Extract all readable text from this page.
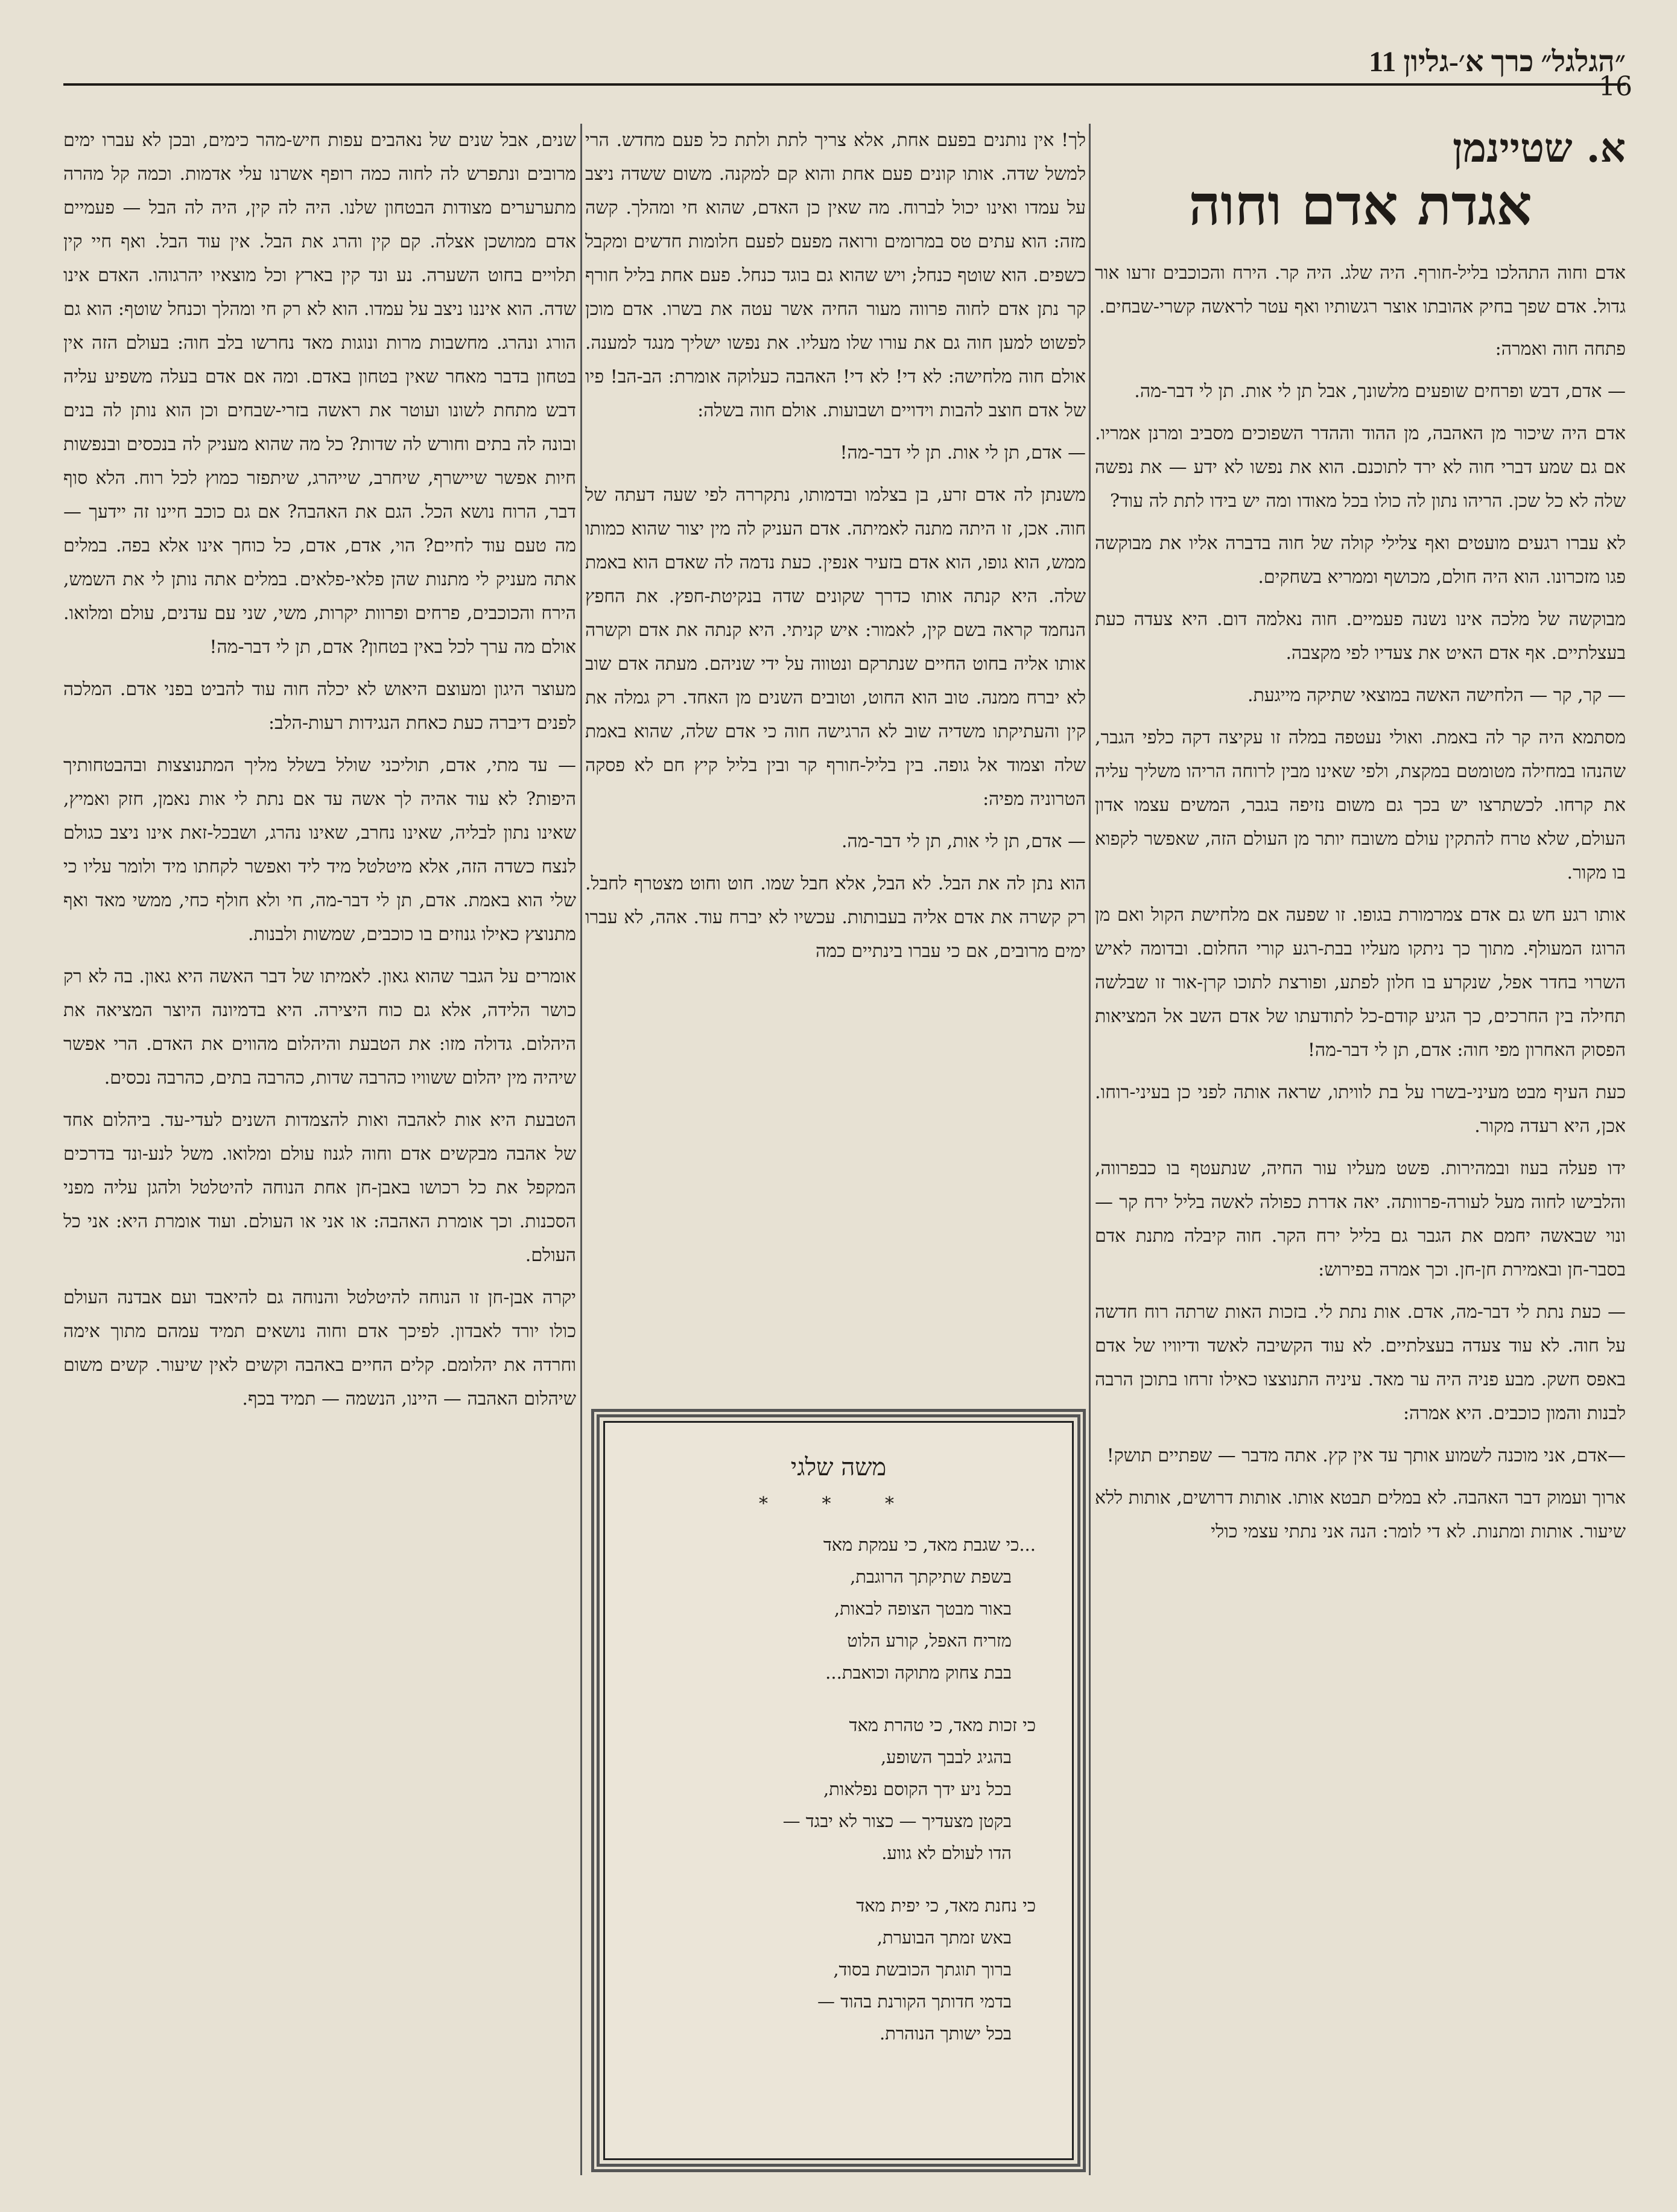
״הגלגל״ כרך א׳-גליון 11
16
א. שטיינמן
אגדת אדם וחוה

אדם וחוה התהלכו בליל-חורף. היה שלג. היה קר. הירח והכוכבים זרעו אור גדול. אדם שפך בחיק אהובתו אוצר רגשותיו ואף עטר לראשה קשרי-שבחים.

פתחה חוה ואמרה:

— אדם, דבש ופרחים שופעים מלשונך, אבל תן לי אות. תן לי דבר-מה.

אדם היה שיכור מן האהבה, מן ההוד וההדר השפוכים מסביב ומרנן אמריו. אם גם שמע דברי חוה לא ירד לתוכנם. הוא את נפשו לא ידע — את נפשה שלה לא כל שכן. הריהו נתון לה כולו בכל מאודו ומה יש בידו לתת לה עוד?

לא עברו רגעים מועטים ואף צלילי קולה של חוה בדברה אליו את מבוקשה פגו מזכרונו. הוא היה חולם, מכושף וממריא בשחקים.

מבוקשה של מלכה אינו נשנה פעמיים. חוה נאלמה דום. היא צעדה כעת בעצלתיים. אף אדם האיט את צעדיו לפי מקצבה.

— קר, קר — הלחישה האשה במוצאי שתיקה מייגעת.

מסתמא היה קר לה באמת. ואולי נעטפה במלה זו עקיצה דקה כלפי הגבר, שהנהו במחילה מטומטם במקצת, ולפי שאינו מבין לרוחה הריהו משליך עליה את קרחו. לכשתרצו יש בכך גם משום נזיפה בגבר, המשים עצמו אדון העולם, שלא טרח להתקין עולם משובח יותר מן העולם הזה, שאפשר לקפוא בו מקור.

אותו רגע חש גם אדם צמרמורת בגופו. זו שפעה אם מלחישת הקול ואם מן הרוגז המעולף. מתוך כך ניתקו מעליו בבת-רגע קורי החלום. ובדומה לאיש השרוי בחדר אפל, שנקרע בו חלון לפתע, ופורצת לתוכו קרן-אור זו שבלשה תחילה בין החרכים, כך הגיע קודם-כל לתודעתו של אדם השב אל המציאות הפסוק האחרון מפי חוה: אדם, תן לי דבר-מה!

כעת העיף מבט מעיני-בשרו על בת לוויתו, שראה אותה לפני כן בעיני-רוחו. אכן, היא רעדה מקור.

ידו פעלה בעוז ובמהירות. פשט מעליו עור החיה, שנתעטף בו כבפרווה, והלבישו לחוה מעל לעורה-פרוותה. יאה אדרת כפולה לאשה בליל ירח קר — ונוי שבאשה יחמם את הגבר גם בליל ירח הקר. חוה קיבלה מתנת אדם בסבר-חן ובאמירת חן-חן. וכך אמרה בפירוש:

— כעת נתת לי דבר-מה, אדם. אות נתת לי. בזכות האות שרתה רוח חדשה על חוה. לא עוד צעדה בעצלתיים. לא עוד הקשיבה לאשד ודיוויו של אדם באפס חשק. מבע פניה היה ער מאד. עיניה התנוצצו כאילו זרחו בתוכן הרבה לבנות והמון כוכבים. היא אמרה:

—אדם, אני מוכנה לשמוע אותך עד אין קץ. אתה מדבר — שפתיים תושק!

ארוך ועמוק דבר האהבה. לא במלים תבטא אותו. אותות דרושים, אותות ללא שיעור. אותות ומתנות. לא די לומר: הנה אני נתתי עצמי כולי

לך! אין נותנים בפעם אחת, אלא צריך לתת ולתת כל פעם מחדש. הרי למשל שדה. אותו קונים פעם אחת והוא קם למקנה. משום ששדה ניצב על עמדו ואינו יכול לברוח. מה שאין כן האדם, שהוא חי ומהלך. קשה מזה: הוא עתים טס במרומים ורואה מפעם לפעם חלומות חדשים ומקבל כשפים. הוא שוטף כנחל; ויש שהוא גם בוגד כנחל. פעם אחת בליל חורף קר נתן אדם לחוה פרווה מעור החיה אשר עטה את בשרו. אדם מוכן לפשוט למען חוה גם את עורו שלו מעליו. את נפשו ישליך מנגד למענה. אולם חוה מלחישה: לא די! לא די! האהבה כעלוקה אומרת: הב-הב! פיו של אדם חוצב להבות וידויים ושבועות. אולם חוה בשלה:

— אדם, תן לי אות. תן לי דבר-מה!

משנתן לה אדם זרע, בן בצלמו ובדמותו, נתקררה לפי שעה דעתה של חוה. אכן, זו היתה מתנה לאמיתה. אדם העניק לה מין יצור שהוא כמותו ממש, הוא גופו, הוא אדם בזעיר אנפין. כעת נדמה לה שאדם הוא באמת שלה. היא קנתה אותו כדרך שקונים שדה בנקיטת-חפץ. את החפץ הנחמד קראה בשם קין, לאמור: איש קניתי. היא קנתה את אדם וקשרה אותו אליה בחוט החיים שנתרקם ונטווה על ידי שניהם. מעתה אדם שוב לא יברח ממנה. טוב הוא החוט, וטובים השנים מן האחד. רק גמלה את קין והעתיקתו משדיה שוב לא הרגישה חוה כי אדם שלה, שהוא באמת שלה וצמוד אל גופה. בין בליל-חורף קר ובין בליל קיץ חם לא פסקה הטרוניה מפיה:

— אדם, תן לי אות, תן לי דבר-מה.

הוא נתן לה את הבל. לא הבל, אלא חבל שמו. חוט וחוט מצטרף לחבל. רק קשרה את אדם אליה בעבותות. עכשיו לא יברח עוד. אהה, לא עברו ימים מרובים, אם כי עברו בינתיים כמה

שנים, אבל שנים של נאהבים עפות חיש-מהר כימים, ובכן לא עברו ימים מרובים ונתפרש לה לחוה כמה רופף אשרנו עלי אדמות. וכמה קל מהרה מתערערים מצודות הבטחון שלנו. היה לה קין, היה לה הבל — פעמיים אדם ממושכן אצלה. קם קין והרג את הבל. אין עוד הבל. ואף חיי קין תלויים בחוט השערה. נע ונד קין בארץ וכל מוצאיו יהרגוהו. האדם אינו שדה. הוא איננו ניצב על עמדו. הוא לא רק חי ומהלך וכנחל שוטף: הוא גם הורג ונהרג. מחשבות מרות ונוגות מאד נחרשו בלב חוה: בעולם הזה אין בטחון בדבר מאחר שאין בטחון באדם. ומה אם אדם בעלה משפיע עליה דבש מתחת לשונו ועוטר את ראשה בזרי-שבחים וכן הוא נותן לה בנים ובונה לה בתים וחורש לה שדות? כל מה שהוא מעניק לה בנכסים ובנפשות חיות אפשר שיישרף, שיחרב, שייהרג, שיתפזר כמוץ לכל רוח. הלא סוף דבר, הרוח נושא הכל. הגם את האהבה? אם גם כוכב חיינו זה יידעך — מה טעם עוד לחיים? הוי, אדם, אדם, כל כוחך אינו אלא בפה. במלים אתה מעניק לי מתנות שהן פלאי-פלאים. במלים אתה נותן לי את השמש, הירח והכוכבים, פרחים ופרוות יקרות, משי, שני עם עדנים, עולם ומלואו. אולם מה ערך לכל באין בטחון? אדם, תן לי דבר-מה!

מעוצר היגון ומעוצם היאוש לא יכלה חוה עוד להביט בפני אדם. המלכה לפנים דיברה כעת כאחת הנגידות רעות-הלב:

— עד מתי, אדם, תוליכני שולל בשלל מליך המתנוצצות ובהבטחותיך היפות? לא עוד אהיה לך אשה עד אם נתת לי אות נאמן, חזק ואמיץ, שאינו נתון לבליה, שאינו נחרב, שאינו נהרג, ושבכל-זאת אינו ניצב כגולם לנצח כשדה הזה, אלא מיטלטל מיד ליד ואפשר לקחתו מיד ולומר עליו כי שלי הוא באמת. אדם, תן לי דבר-מה, חי ולא חולף כחי, ממשי מאד ואף מתנוצץ כאילו גנוזים בו כוכבים, שמשות ולבנות.

אומרים על הגבר שהוא גאון. לאמיתו של דבר האשה היא גאון. בה לא רק כושר הלידה, אלא גם כוח היצירה. היא בדמיונה היוצר המציאה את היהלום. גדולה מזו: את הטבעת והיהלום מהווים את האדם. הרי אפשר שיהיה מין יהלום ששוויו כהרבה שדות, כהרבה בתים, כהרבה נכסים.

הטבעת היא אות לאהבה ואות להצמדות השנים לעדי-עד. ביהלום אחד של אהבה מבקשים אדם וחוה לגנוז עולם ומלואו. משל לנע-ונד בדרכים המקפל את כל רכושו באבן-חן אחת הנוחה להיטלטל ולהגן עליה מפני הסכנות. וכך אומרת האהבה: או אני או העולם. ועוד אומרת היא: אני כל העולם.

יקרה אבן-חן זו הנוחה להיטלטל והנוחה גם להיאבד ועם אבדנה העולם כולו יורד לאבדון. לפיכך אדם וחוה נושאים תמיד עמהם מתוך אימה וחרדה את יהלומם. קלים החיים באהבה וקשים לאין שיעור. קשים משום שיהלום האהבה — היינו, הנשמה — תמיד בכף.

משה שלגי
* * *
...כי שגבת מאד, כי עמקת מאד
בשפת שתיקתך הרוגבת,
באור מבטך הצופה לבאות,
מזריח האפל, קורע הלוט
בבת צחוק מתוקה וכואבת...
כי זכות מאד, כי טהרת מאד
בהגיג לבבך השופע,
בכל ניע ידך הקוסם נפלאות,
בקטן מצעדיך — כצור לא יבגד —
הדו לעולם לא גווע.
כי נחנת מאד, כי יפית מאד
באש זמתך הבוערת,
ברוך תוגתך הכובשת בסוד,
בדמי חדותך הקורנת בהוד —
בכל ישותך הנוהרת.
